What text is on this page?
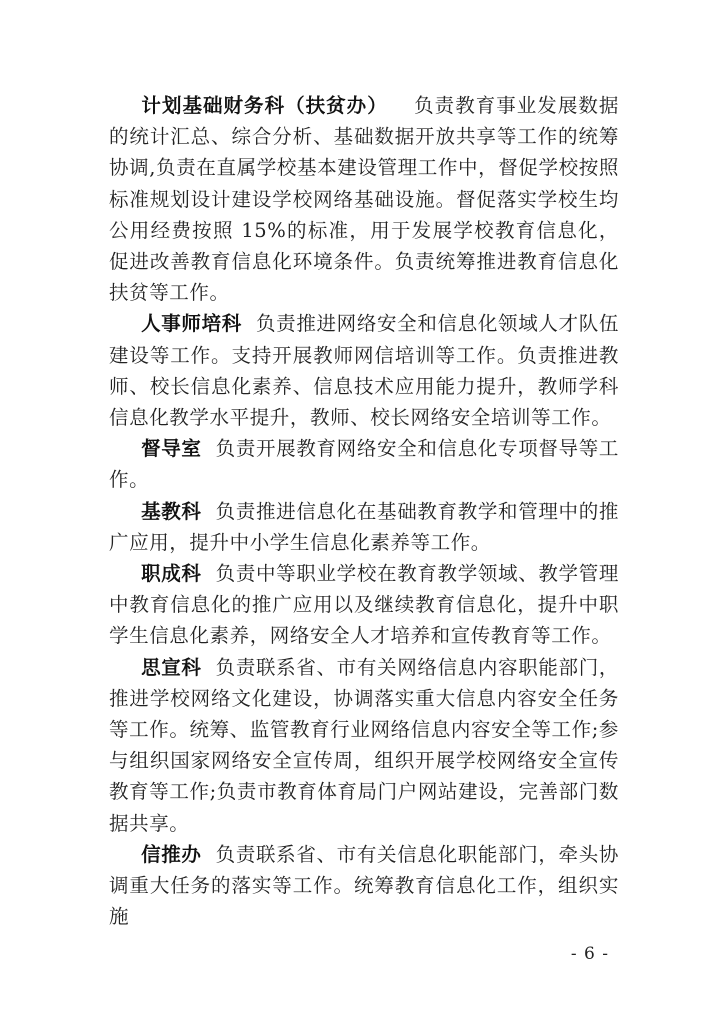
计划基础财务科（扶贫办） 负责教育事业发展数据的统计汇总、综合分析、基础数据开放共享等工作的统筹协调,负责在直属学校基本建设管理工作中，督促学校按照标准规划设计建设学校网络基础设施。督促落实学校生均公用经费按照 15%的标准，用于发展学校教育信息化，促进改善教育信息化环境条件。负责统筹推进教育信息化扶贫等工作。

人事师培科 负责推进网络安全和信息化领域人才队伍建设等工作。支持开展教师网信培训等工作。负责推进教师、校长信息化素养、信息技术应用能力提升，教师学科信息化教学水平提升，教师、校长网络安全培训等工作。

督导室 负责开展教育网络安全和信息化专项督导等工作。

基教科 负责推进信息化在基础教育教学和管理中的推广应用，提升中小学生信息化素养等工作。

职成科 负责中等职业学校在教育教学领域、教学管理中教育信息化的推广应用以及继续教育信息化，提升中职学生信息化素养，网络安全人才培养和宣传教育等工作。

思宣科 负责联系省、市有关网络信息内容职能部门，推进学校网络文化建设，协调落实重大信息内容安全任务等工作。统筹、监管教育行业网络信息内容安全等工作;参与组织国家网络安全宣传周，组织开展学校网络安全宣传教育等工作;负责市教育体育局门户网站建设，完善部门数据共享。

信推办 负责联系省、市有关信息化职能部门，牵头协调重大任务的落实等工作。统筹教育信息化工作，组织实施

- 6 -
